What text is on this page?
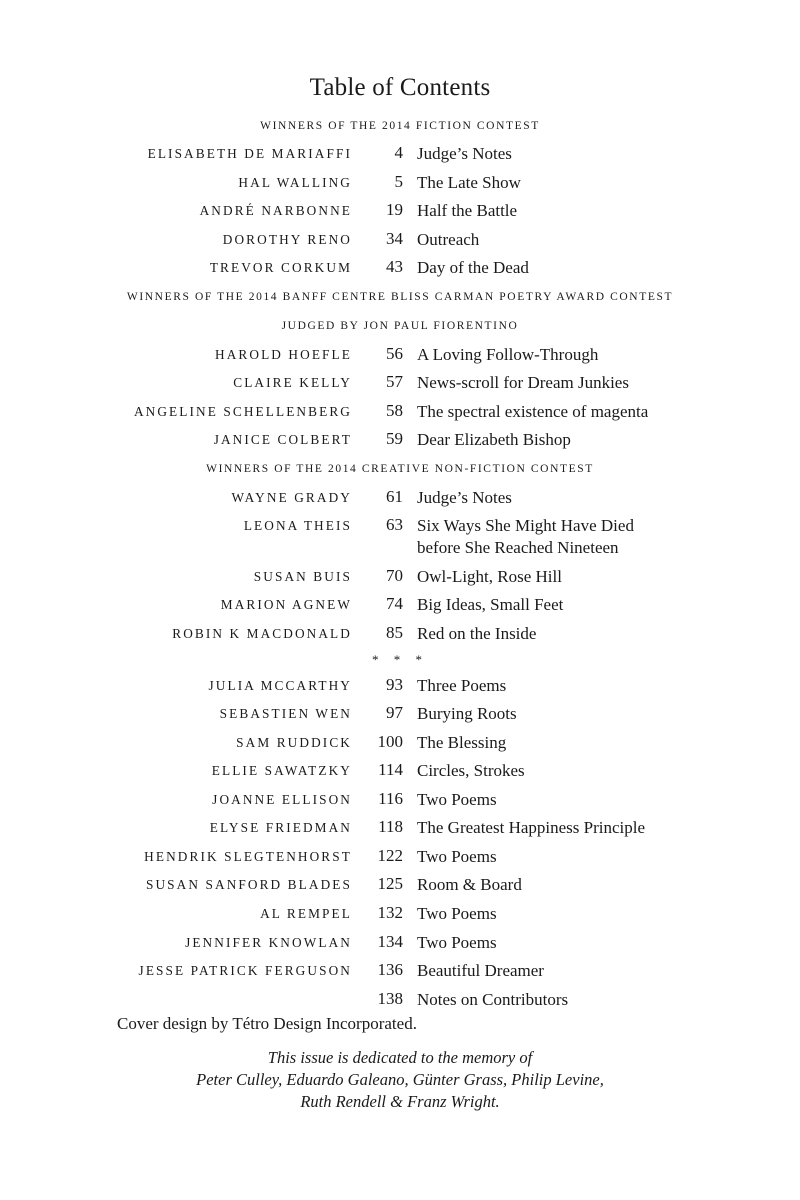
Table of Contents
WINNERS OF THE 2014 FICTION CONTEST
ELISABETH DE MARIAFFI	4 Judge’s Notes
HAL WALLING	5 The Late Show
ANDRÉ NARBONNE 19 Half the Battle
DOROTHY RENO 34 Outreach
TREVOR CORKUM 43 Day of the Dead
WINNERS OF THE 2014 BANFF CENTRE BLISS CARMAN POETRY AWARD CONTEST
JUDGED BY JON PAUL FIORENTINO
HAROLD HOEFLE 56 A Loving Follow-Through
CLAIRE KELLY 57 News-scroll for Dream Junkies
ANGELINE SCHELLENBERG 58 The spectral existence of magenta
JANICE COLBERT 59 Dear Elizabeth Bishop
WINNERS OF THE 2014 CREATIVE NON-FICTION CONTEST
WAYNE GRADY 61 Judge’s Notes
LEONA THEIS 63 Six Ways She Might Have Died
before She Reached Nineteen
SUSAN BUIS 70 Owl-Light, Rose Hill
MARION AGNEW 74 Big Ideas, Small Feet
ROBIN K MACDONALD 85 Red on the Inside
* * *
JULIA MCCARTHY 93 Three Poems
SEBASTIEN WEN 97 Burying Roots
SAM RUDDICK 100 The Blessing
ELLIE SAWATZKY 114 Circles, Strokes
JOANNE ELLISON 116 Two Poems
ELYSE FRIEDMAN 118 The Greatest Happiness Principle
HENDRIK SLEGTENHORST 122 Two Poems
SUSAN SANFORD BLADES 125 Room & Board
AL REMPEL 132 Two Poems
JENNIFER KNOWLAN 134 Two Poems
JESSE PATRICK FERGUSON 136 Beautiful Dreamer
138 Notes on Contributors
Cover design by Tétro Design Incorporated.
This issue is dedicated to the memory of
Peter Culley, Eduardo Galeano, Günter Grass, Philip Levine,
Ruth Rendell & Franz Wright.
